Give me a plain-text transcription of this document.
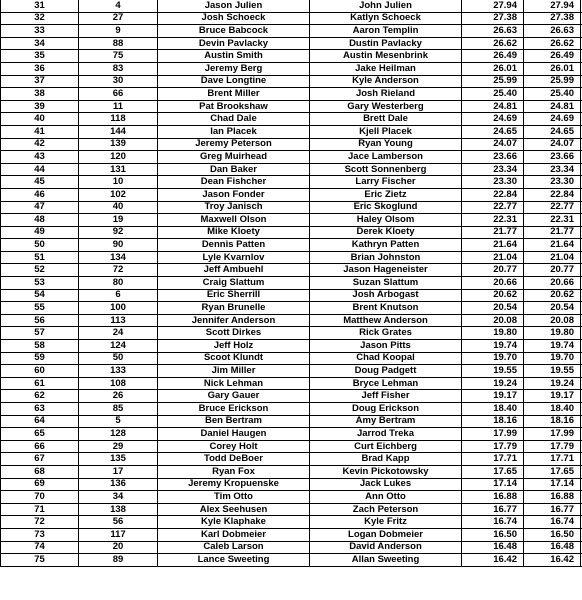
31	4	Jason Julien	John Julien	27.94	27.94	
32	27	Josh Schoeck	Katlyn Schoeck	27.38	27.38	
33	9	Bruce Babcock	Aaron Templin	26.63	26.63	
34	88	Devin Pavlacky	Dustin Pavlacky	26.62	26.62	
35	75	Austin Smith	Austin Mesenbrink	26.49	26.49	
36	83	Jeremy Berg	Jake Heilman	26.01	26.01	
37	30	Dave Longtine	Kyle Anderson	25.99	25.99	
38	66	Brent Miller	Josh Rieland	25.40	25.40	
39	11	Pat Brookshaw	Gary Westerberg	24.81	24.81	
40	118	Chad Dale	Brett Dale	24.69	24.69	
41	144	Ian Placek	Kjell Placek	24.65	24.65	
42	139	Jeremy Peterson	Ryan Young	24.07	24.07	
43	120	Greg Muirhead	Jace Lamberson	23.66	23.66	
44	131	Dan Baker	Scott Sonnenberg	23.34	23.34	
45	10	Dean Fishcher	Larry Fischer	23.30	23.30	
46	102	Jason Fonder	Eric Zietz	22.84	22.84	
47	40	Troy Janisch	Eric Skoglund	22.77	22.77	
48	19	Maxwell Olson	Haley Olsom	22.31	22.31	
49	92	Mike Kloety	Derek Kloety	21.77	21.77	
50	90	Dennis Patten	Kathryn Patten	21.64	21.64	
51	134	Lyle Kvarnlov	Brian Johnston	21.04	21.04	
52	72	Jeff Ambuehl	Jason Hageneister	20.77	20.77	
53	80	Craig Slattum	Suzan Slattum	20.66	20.66	
54	6	Eric Sherrill	Josh Arbogast	20.62	20.62	
55	100	Ryan Brunelle	Brent Knutson	20.54	20.54	
56	113	Jennifer Anderson	Matthew Anderson	20.08	20.08	
57	24	Scott Dirkes	Rick Grates	19.80	19.80	
58	124	Jeff Holz	Jason Pitts	19.74	19.74	
59	50	Scoot Klundt	Chad Koopal	19.70	19.70	
60	133	Jim Miller	Doug Padgett	19.55	19.55	
61	108	Nick Lehman	Bryce Lehman	19.24	19.24	
62	26	Gary Gauer	Jeff Fisher	19.17	19.17	
63	85	Bruce Erickson	Doug Erickson	18.40	18.40	
64	5	Ben Bertram	Amy Bertram	18.16	18.16	
65	128	Daniel Haugen	Jarrod Treka	17.99	17.99	
66	29	Corey Holt	Curt Eichberg	17.79	17.79	
67	135	Todd DeBoer	Brad Kapp	17.71	17.71	
68	17	Ryan Fox	Kevin Pickotowsky	17.65	17.65	
69	136	Jeremy Kropuenske	Jack Lukes	17.14	17.14	
70	34	Tim Otto	Ann Otto	16.88	16.88	
71	138	Alex Seehusen	Zach Peterson	16.77	16.77	
72	56	Kyle Klaphake	Kyle Fritz	16.74	16.74	
73	117	Karl Dobmeier	Logan Dobmeier	16.50	16.50	
74	20	Caleb Larson	David Anderson	16.48	16.48	
75	89	Lance Sweeting	Allan Sweeting	16.42	16.42	
